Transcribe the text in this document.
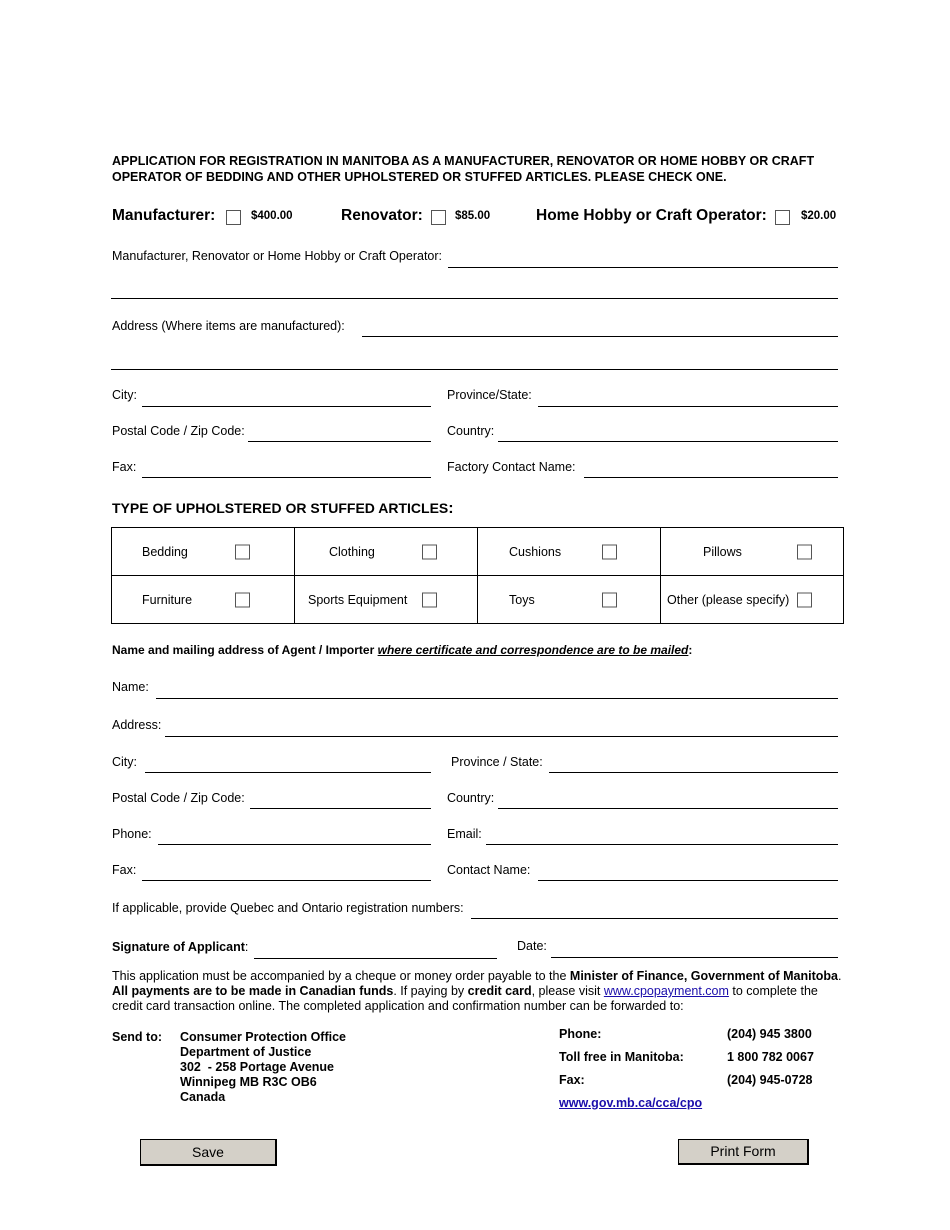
APPLICATION FOR REGISTRATION IN MANITOBA AS A MANUFACTURER, RENOVATOR OR HOME HOBBY OR CRAFT OPERATOR OF BEDDING AND OTHER UPHOLSTERED OR STUFFED ARTICLES. PLEASE CHECK ONE.
Manufacturer:	$400.00	Renovator:	$85.00	Home Hobby or Craft Operator:	$20.00
Manufacturer, Renovator or Home Hobby or Craft Operator:
Address (Where items are manufactured):
City:	Province/State:
Postal Code / Zip Code:	Country:
Fax:	Factory Contact Name:
TYPE OF UPHOLSTERED OR STUFFED ARTICLES:
Bedding	Clothing	Cushions	Pillows

Furniture	Sports Equipment	Toys	Other (please specify)
Name and mailing address of Agent / Importer where certificate and correspondence are to be mailed:
Name:
Address:
City:	Province / State:
Postal Code / Zip Code:	Country:
Phone:	Email:
Fax:	Contact Name:
If applicable, provide Quebec and Ontario registration numbers:
Signature of Applicant:	Date:
This application must be accompanied by a cheque or money order payable to the Minister of Finance, Government of Manitoba.
All payments are to be made in Canadian funds. If paying by credit card, please visit www.cpopayment.com to complete the credit card transaction online. The completed application and confirmation number can be forwarded to:
Send to: Consumer Protection Office
Department of Justice
302  - 258 Portage Avenue
Winnipeg MB R3C OB6
Canada
Phone:	(204) 945 3800
Toll free in Manitoba:	1 800 782 0067
Fax:	(204) 945-0728
www.gov.mb.ca/cca/cpo
Save	Print Form
